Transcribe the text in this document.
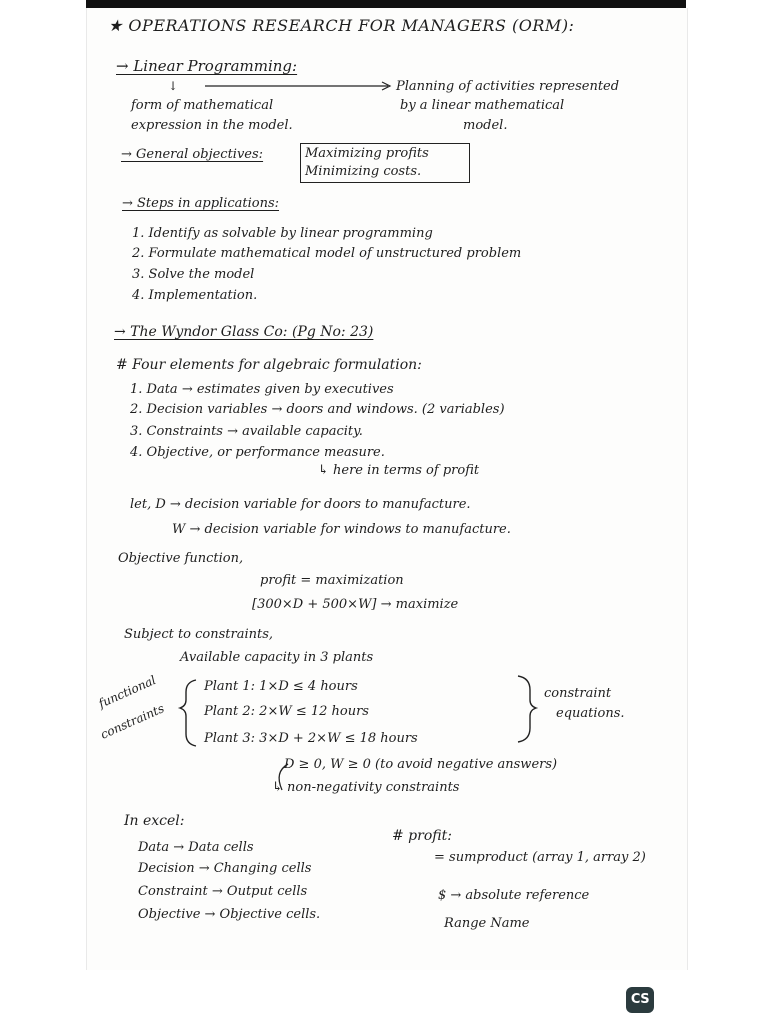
★ OPERATIONS RESEARCH FOR MANAGERS (ORM):
→ Linear Programming:
↓
form of mathematical
expression in the model.
Planning of activities represented
by a linear mathematical
model.
→ General objectives:	Maximizing profits
Minimizing costs.
→ Steps in applications:
1. Identify as solvable by linear programming
2. Formulate mathematical model of unstructured problem
3. Solve the model
4. Implementation.
→ The Wyndor Glass Co: (Pg No: 23)
# Four elements for algebraic formulation:
1. Data → estimates given by executives
2. Decision variables → doors and windows. (2 variables)
3. Constraints → available capacity.
4. Objective, or performance measure.
↳ here in terms of profit
let, D → decision variable for doors to manufacture.
W → decision variable for windows to manufacture.
Objective function,
profit = maximization
[300×D + 500×W] → maximize
Subject to constraints,
Available capacity in 3 plants
functional
constraints
Plant 1: 1×D ≤ 4 hours
Plant 2: 2×W ≤ 12 hours
Plant 3: 3×D + 2×W ≤ 18 hours
constraint
equations.
D ≥ 0, W ≥ 0 (to avoid negative answers)
↳ non-negativity constraints
In excel:
Data → Data cells
Decision → Changing cells
Constraint → Output cells
Objective → Objective cells.
# profit:
= sumproduct (array 1, array 2)
$ → absolute reference
Range Name
CS
